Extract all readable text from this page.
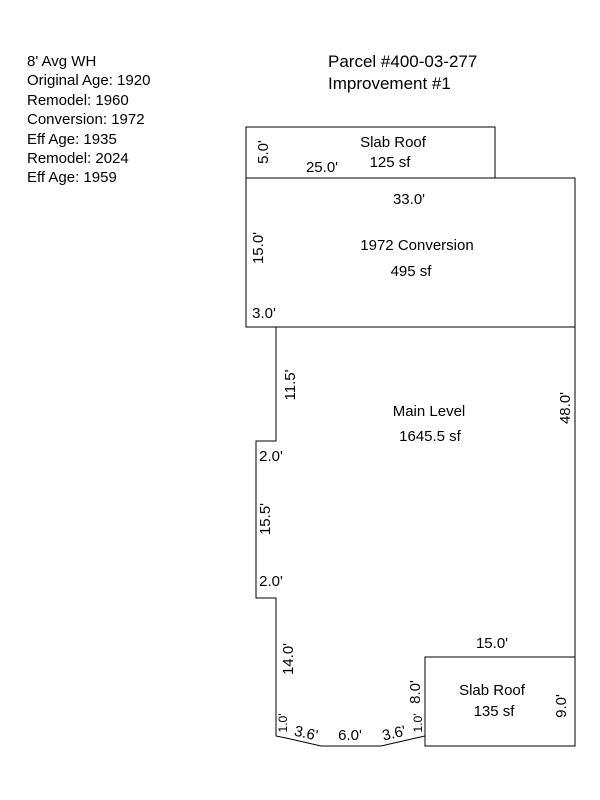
8' Avg WH
Original Age: 1920
Remodel: 1960
Conversion: 1972
Eff Age: 1935
Remodel: 2024
Eff Age: 1959
Parcel #400-03-277
Improvement #1
Slab Roof
125 sf
1972 Conversion
495 sf
Main Level
1645.5 sf
Slab Roof
135 sf
5.0'
25.0'
33.0'
15.0'
3.0'
11.5'
48.0'
2.0'
15.5'
2.0'
14.0'	15.0'
8.0'
9.0'
1.0' 3.6' 6.0' 3.6' 1.0'
